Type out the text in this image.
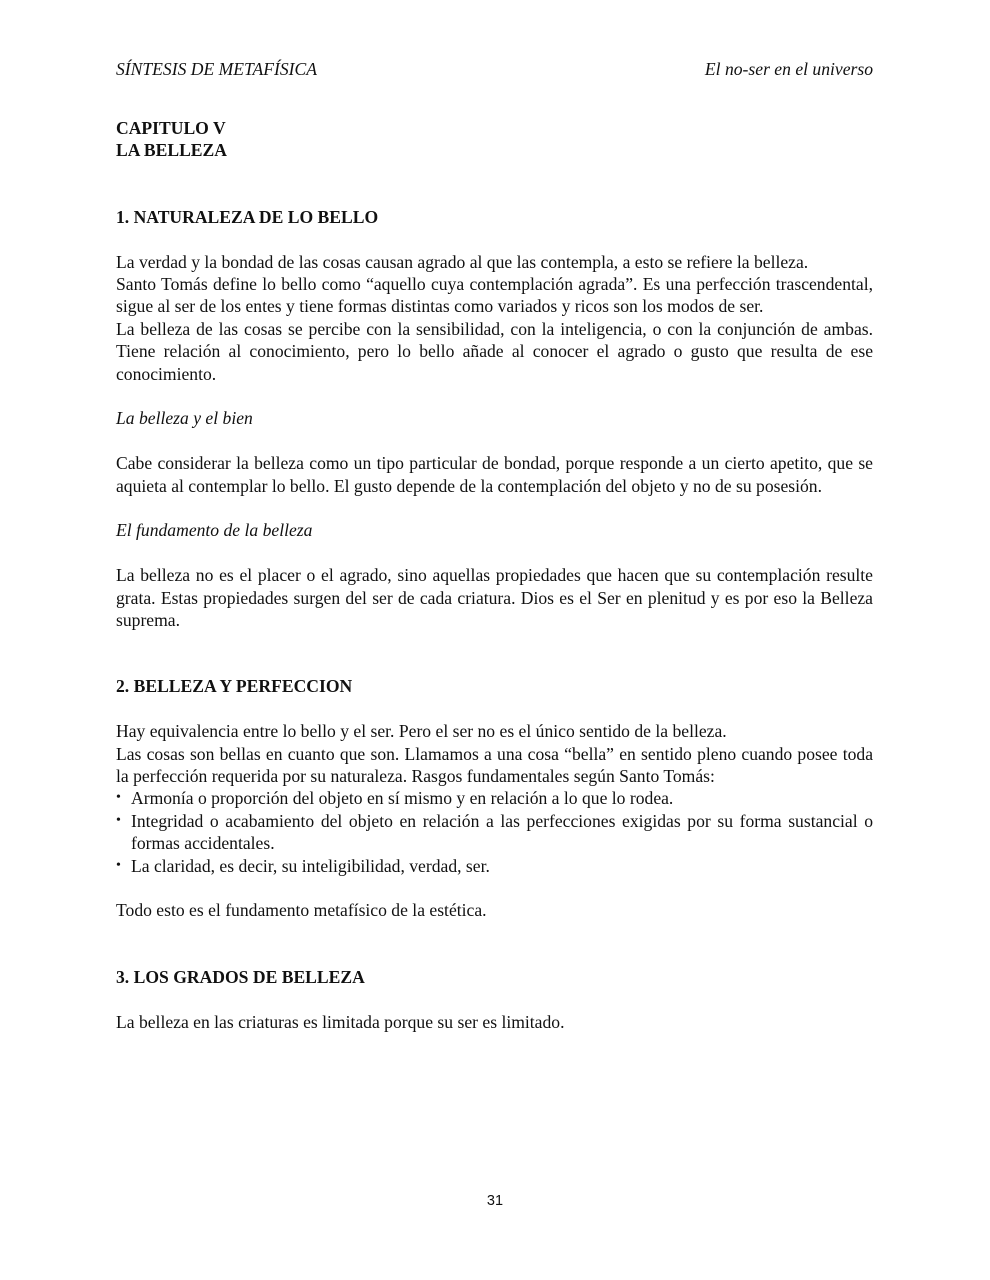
SÍNTESIS DE METAFÍSICA	El no-ser en el universo
CAPITULO V
LA BELLEZA
1. NATURALEZA DE LO BELLO

La verdad y la bondad de las cosas causan agrado al que las contempla, a esto se refiere la belleza.

Santo Tomás define lo bello como “aquello cuya contemplación agrada”. Es una perfección trascendental, sigue al ser de los entes y tiene formas distintas como variados y ricos son los modos de ser.

La belleza de las cosas se percibe con la sensibilidad, con la inteligencia, o con la conjunción de ambas. Tiene relación al conocimiento, pero lo bello añade al conocer el agrado o gusto que resulta de ese conocimiento.

La belleza y el bien

Cabe considerar la belleza como un tipo particular de bondad, porque responde a un cierto apetito, que se aquieta al contemplar lo bello. El gusto depende de la contemplación del objeto y no de su posesión.

El fundamento de la belleza

La belleza no es el placer o el agrado, sino aquellas propiedades que hacen que su contemplación resulte grata. Estas propiedades surgen del ser de cada criatura. Dios es el Ser en plenitud y es por eso la Belleza suprema.

2. BELLEZA Y PERFECCION

Hay equivalencia entre lo bello y el ser. Pero el ser no es el único sentido de la belleza.

Las cosas son bellas en cuanto que son. Llamamos a una cosa “bella” en sentido pleno cuando posee toda la perfección requerida por su naturaleza. Rasgos fundamentales según Santo Tomás:

• Armonía o proporción del objeto en sí mismo y en relación a lo que lo rodea.
• Integridad o acabamiento del objeto en relación a las perfecciones exigidas por su forma sustancial o formas accidentales.
• La claridad, es decir, su inteligibilidad, verdad, ser.

Todo esto es el fundamento metafísico de la estética.

3. LOS GRADOS DE BELLEZA

La belleza en las criaturas es limitada porque su ser es limitado.

31
